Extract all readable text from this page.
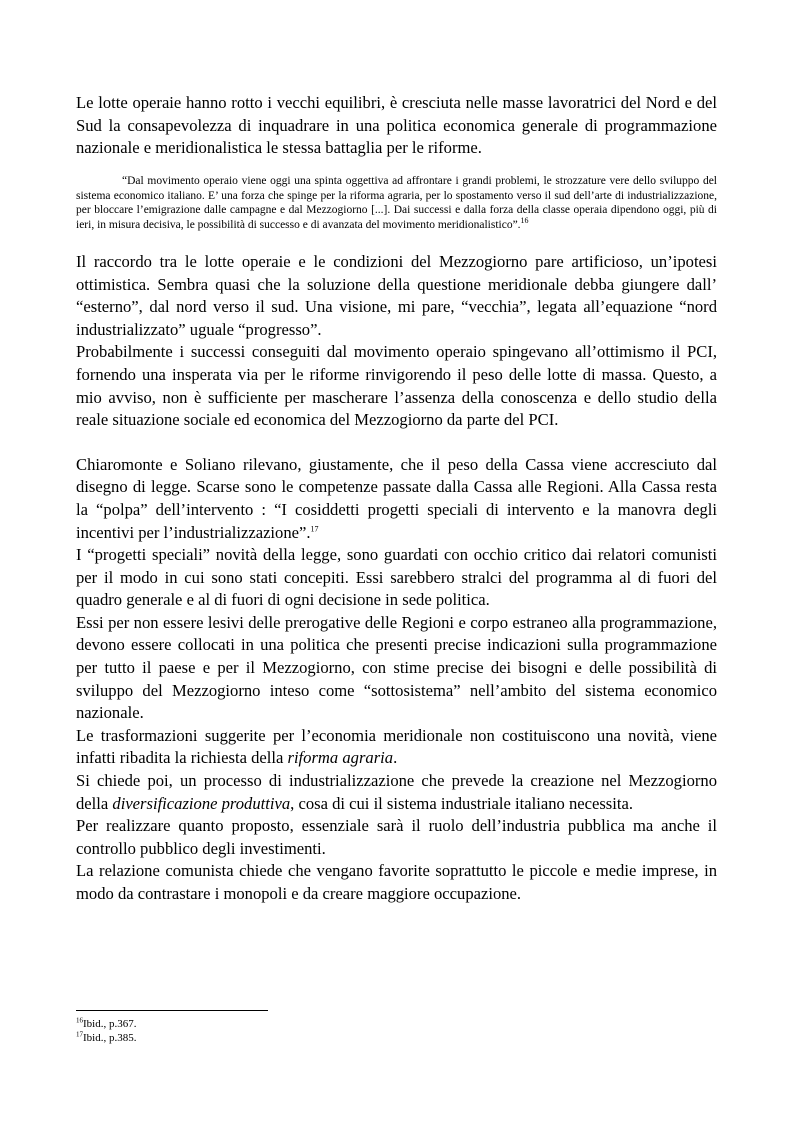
Le lotte operaie hanno rotto i vecchi equilibri, è cresciuta nelle masse lavoratrici del Nord e del Sud la consapevolezza di inquadrare in una politica economica generale di programmazione nazionale e meridionalistica le stessa battaglia per le riforme.

“Dal movimento operaio viene oggi una spinta oggettiva ad affrontare i grandi problemi, le strozzature vere dello sviluppo del sistema economico italiano. E’ una forza che spinge per la riforma agraria, per lo spostamento verso il sud dell’arte di industrializzazione, per bloccare l’emigrazione dalle campagne e dal Mezzogiorno [...]. Dai successi e dalla forza della classe operaia dipendono oggi, più di ieri, in misura decisiva, le possibilità di successo e di avanzata del movimento meridionalistico”.$^{16}$

Il raccordo tra le lotte operaie e le condizioni del Mezzogiorno pare artificioso, un’ipotesi ottimistica. Sembra quasi che la soluzione della questione meridionale debba giungere dall’ “esterno”, dal nord verso il sud. Una visione, mi pare, “vecchia”, legata all’equazione “nord industrializzato” uguale “progresso”.

Probabilmente i successi conseguiti dal movimento operaio spingevano all’ottimismo il PCI, fornendo una insperata via per le riforme rinvigorendo il peso delle lotte di massa. Questo, a mio avviso, non è sufficiente per mascherare l’assenza della conoscenza e dello studio della reale situazione sociale ed economica del Mezzogiorno da parte del PCI.

Chiaromonte e Soliano rilevano, giustamente, che il peso della Cassa viene accresciuto dal disegno di legge. Scarse sono le competenze passate dalla Cassa alle Regioni. Alla Cassa resta la “polpa” dell’intervento : “I cosiddetti progetti speciali di intervento e la manovra degli incentivi per l’industrializzazione”.$^{17}$

I “progetti speciali” novità della legge, sono guardati con occhio critico dai relatori comunisti per il modo in cui sono stati concepiti. Essi sarebbero stralci del programma al di fuori del quadro generale e al di fuori di ogni decisione in sede politica.

Essi per non essere lesivi delle prerogative delle Regioni e corpo estraneo alla programmazione, devono essere collocati in una politica che presenti precise indicazioni sulla programmazione per tutto il paese e per il Mezzogiorno, con stime precise dei bisogni e delle possibilità di sviluppo del Mezzogiorno inteso come “sottosistema” nell’ambito del sistema economico nazionale.

Le trasformazioni suggerite per l’economia meridionale non costituiscono una novità, viene infatti ribadita la richiesta della riforma agraria.

Si chiede poi, un processo di industrializzazione che prevede la creazione nel Mezzogiorno della diversificazione produttiva, cosa di cui il sistema industriale italiano necessita.

Per realizzare quanto proposto, essenziale sarà il ruolo dell’industria pubblica ma anche il controllo pubblico degli investimenti.

La relazione comunista chiede che vengano favorite soprattutto le piccole e medie imprese, in modo da contrastare i monopoli e da creare maggiore occupazione.

$^{16}$Ibid., p.367.
$^{17}$Ibid., p.385.
